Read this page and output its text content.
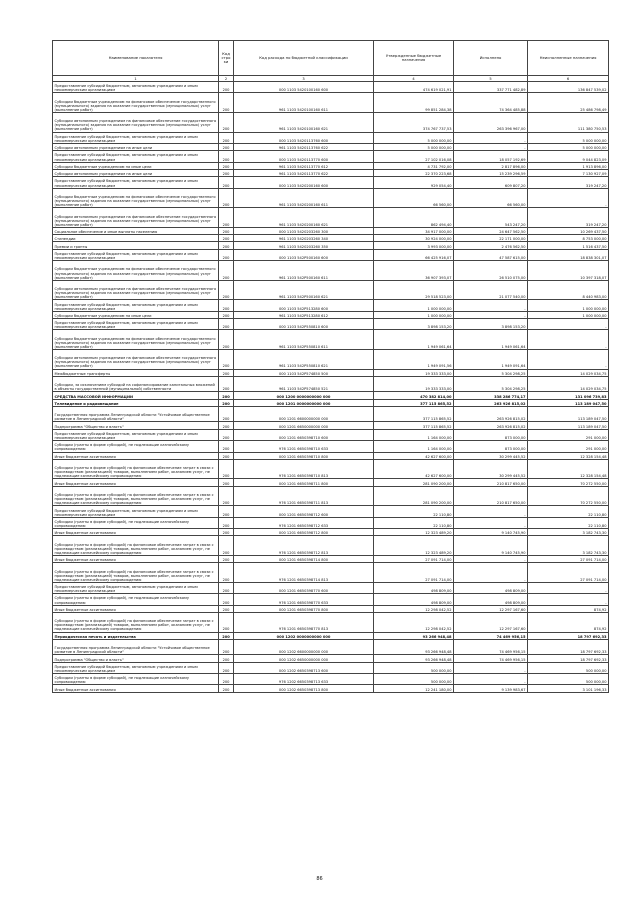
Наименование показателя	Код стро ки	Код расхода по бюджетной классификации	Утвержденные бюджетные назначения	Исполнено	Неисполненные назначения
1	2	3	4	5	6
Предоставление субсидий бюджетным, автономным учреждениям и иным некоммерческим организациям	200	000 1103 5420100160 600	474 619 021,91	337 771 482,89	136 847 539,02
Субсидии бюджетным учреждениям на финансовое обеспечение государственного (муниципального) задания на оказание государственных (муниципальных) услуг (выполнение работ)	200	961 1103 5420100160 611	99 851 284,38	74 364 485,88	25 486 798,49
Субсидии автономным учреждениям на финансовое обеспечение государственного (муниципального) задания на оказание государственных (муниципальных) услуг (выполнение работ)	200	961 1103 5420100160 621	374 767 737,53	263 396 967,00	111 380 750,53
Предоставление субсидий бюджетным, автономным учреждениям и иным некоммерческим организациям	200	000 1103 5420113760 600	5 000 000,00	-	5 000 000,00
Субсидии автономным учреждениям на иные цели	200	961 1103 5420113760 622	5 000 000,00	-	5 000 000,00
Предоставление субсидий бюджетным, автономным учреждениям и иным некоммерческим организациям	200	000 1103 5420113770 600	27 102 016,08	18 057 192,69	9 044 823,09
Субсидии бюджетным учреждениям на иные цели	200	961 1103 5420113770 612	4 731 792,00	2 817 896,00	1 913 896,00
Субсидии автономным учреждениям на иные цели	200	961 1103 5420113770 622	22 370 223,68	15 239 296,59	7 130 927,09
Предоставление субсидий бюджетным, автономным учреждениям и иным некоммерческим организациям	200	000 1103 5420200160 600	929 054,40	609 807,20	319 247,20
Субсидии бюджетным учреждениям на финансовое обеспечение государственного (муниципального) задания на оказание государственных (муниципальных) услуг (выполнение работ)	200	961 1103 5420200160 611	66 560,00	66 560,00	-
Субсидии автономным учреждениям на финансовое обеспечение государственного (муниципального) задания на оказание государственных (муниципальных) услуг (выполнение работ)	200	961 1103 5420200160 621	862 494,40	543 247,20	319 247,20
Социальное обеспечение и иные выплаты населению	200	000 1103 5420203260 300	34 917 000,00	24 647 562,50	10 269 437,50
Стипендии	200	961 1103 5420203260 340	30 924 000,00	22 171 000,00	8 753 000,00
Премии и гранты	200	961 1103 5420203260 350	3 993 000,00	2 476 562,50	1 516 437,50
Предоставление субсидий бюджетным, автономным учреждениям и иным некоммерческим организациям	200	000 1103 542P500160 600	66 425 916,07	47 587 615,00	18 838 301,07
Субсидии бюджетным учреждениям на финансовое обеспечение государственного (муниципального) задания на оказание государственных (муниципальных) услуг (выполнение работ)	200	961 1103 542P500160 611	36 907 393,07	26 510 075,00	10 397 318,07
Субсидии автономным учреждениям на финансовое обеспечение государственного (муниципального) задания на оказание государственных (муниципальных) услуг (выполнение работ)	200	961 1103 542P500160 621	29 518 523,00	21 077 540,00	8 440 983,00
Предоставление субсидий бюджетным, автономным учреждениям и иным некоммерческим организациям	200	000 1103 542P513280 600	1 000 000,00	-	1 000 000,00
Субсидии бюджетным учреждениям на иные цели	200	961 1103 542P513280 612	1 000 000,00	-	1 000 000,00
Предоставление субсидий бюджетным, автономным учреждениям и иным некоммерческим организациям	200	000 1103 542P550810 600	3 898 153,20	3 898 153,20	-
Субсидии бюджетным учреждениям на финансовое обеспечение государственного (муниципального) задания на оказание государственных (муниципальных) услуг (выполнение работ)	200	961 1103 542P550810 611	1 949 061,64	1 949 061,64	-
Субсидии автономным учреждениям на финансовое обеспечение государственного (муниципального) задания на оказание государственных (муниципальных) услуг (выполнение работ)	200	961 1103 542P550810 621	1 949 091,56	1 949 091,64	-
Межбюджетные трансферты	200	000 1103 542Р574850 500	19 333 333,00	5 304 298,25	14 029 034,75
Субсидии, за исключением субсидий на софинансирование капитальных вложений в объекты государственной (муниципальной) собственности	200	961 1103 542Р574850 521	19 333 333,00	5 304 298,25	14 029 034,75
СРЕДСТВА МАССОВОЙ ИНФОРМАЦИИ	200	000 1200 0000000000 000	470 382 814,00	338 286 774,17	131 096 739,83
Телевидение и радиовещание	200	000 1201 0000000000 000	377 115 865,52	263 926 815,02	113 189 047,50
Государственная программа Ленинградской области "Устойчивое общественное развитие в Ленинградской области"	200	000 1201 6600000000 000	377 115 865,52	263 926 815,02	113 189 047,50
Подпрограмма "Общество и власть"	200	000 1201 6650000000 000	377 115 865,52	263 926 815,02	113 189 047,50
Предоставление субсидий бюджетным, автономным учреждениям и иным некоммерческим организациям	200	000 1201 6650398710 600	1 164 000,00	873 000,00	291 000,00
Субсидии (гранты в форме субсидий), не подлежащие казначейскому сопровождению	200	976 1201 6650398710 633	1 164 000,00	873 000,00	291 000,00
Иные бюджетные ассигнования	200	000 1201 6650398710 800	42 627 600,00	30 299 445,52	12 328 154,48
Субсидии (гранты в форме субсидий) на финансовое обеспечение затрат в связи с производством (реализацией) товаров, выполнением работ, оказанием услуг, не подлежащие казначейскому сопровождению	200	976 1201 6650398710 813	42 627 600,00	30 299 445,52	12 328 154,48
Иные бюджетные ассигнования	200	000 1201 6650398711 800	281 090 200,00	210 817 650,00	70 272 550,00
Субсидии (гранты в форме субсидий) на финансовое обеспечение затрат в связи с производством (реализацией) товаров, выполнением работ, оказанием услуг, не подлежащие казначейскому сопровождению	200	976 1201 6650398711 813	281 090 200,00	210 817 650,00	70 272 550,00
Предоставление субсидий бюджетным, автономным учреждениям и иным некоммерческим организациям	200	000 1201 6650398712 600	22 110,80	-	22 110,80
Субсидии (гранты в форме субсидий), не подлежащие казначейскому сопровождению	200	976 1201 6650398712 633	22 110,80	-	22 110,80
Иные бюджетные ассигнования	200	000 1201 6650398712 800	12 323 489,20	9 140 745,90	3 182 743,30
Субсидии (гранты в форме субсидий) на финансовое обеспечение затрат в связи с производством (реализацией) товаров, выполнением работ, оказанием услуг, не подлежащие казначейскому сопровождению	200	976 1201 6650398712 813	12 323 489,20	9 140 745,90	3 182 743,30
Иные бюджетные ассигнования	200	000 1201 6650398714 800	27 091 714,00	-	27 091 714,00
Субсидии (гранты в форме субсидий) на финансовое обеспечение затрат в связи с производством (реализацией) товаров, выполнением работ, оказанием услуг, не подлежащие казначейскому сопровождению	200	976 1201 6650398714 813	27 091 714,00	-	27 091 714,00
Предоставление субсидий бюджетным, автономным учреждениям и иным некоммерческим организациям	200	000 1201 6650398770 600	498 809,00	498 809,00	-
Субсидии (гранты в форме субсидий), не подлежащие казначейскому сопровождению	200	976 1201 6650398770 633	498 809,00	498 809,00	-
Иные бюджетные ассигнования	200	000 1201 6650398770 800	12 298 042,52	12 297 167,60	874,92
Субсидии (гранты в форме субсидий) на финансовое обеспечение затрат в связи с производством (реализацией) товаров, выполнением работ, оказанием услуг, не подлежащие казначейскому сопровождению	200	976 1201 6650398770 813	12 298 042,52	12 297 167,60	874,92
Периодическая печать и издательства	200	000 1202 0000000000 000	93 266 948,48	74 469 956,15	18 797 692,33
Государственная программа Ленинградской области "Устойчивое общественное развитие в Ленинградской области"	200	000 1202 6600000000 000	93 266 948,48	74 469 956,15	18 797 692,33
Подпрограмма "Общество и власть"	200	000 1202 6650000000 000	93 266 948,48	74 469 956,15	18 797 692,33
Предоставление субсидий бюджетным, автономным учреждениям и иным некоммерческим организациям	200	000 1202 6650398713 600	500 000,00	-	500 000,00
Субсидии (гранты в форме субсидий), не подлежащие казначейскому сопровождению	200	976 1202 6650398713 633	500 000,00	-	500 000,00
Иные бюджетные ассигнования	200	000 1202 6650398713 800	12 241 180,00	9 139 983,67	3 101 196,33
86
